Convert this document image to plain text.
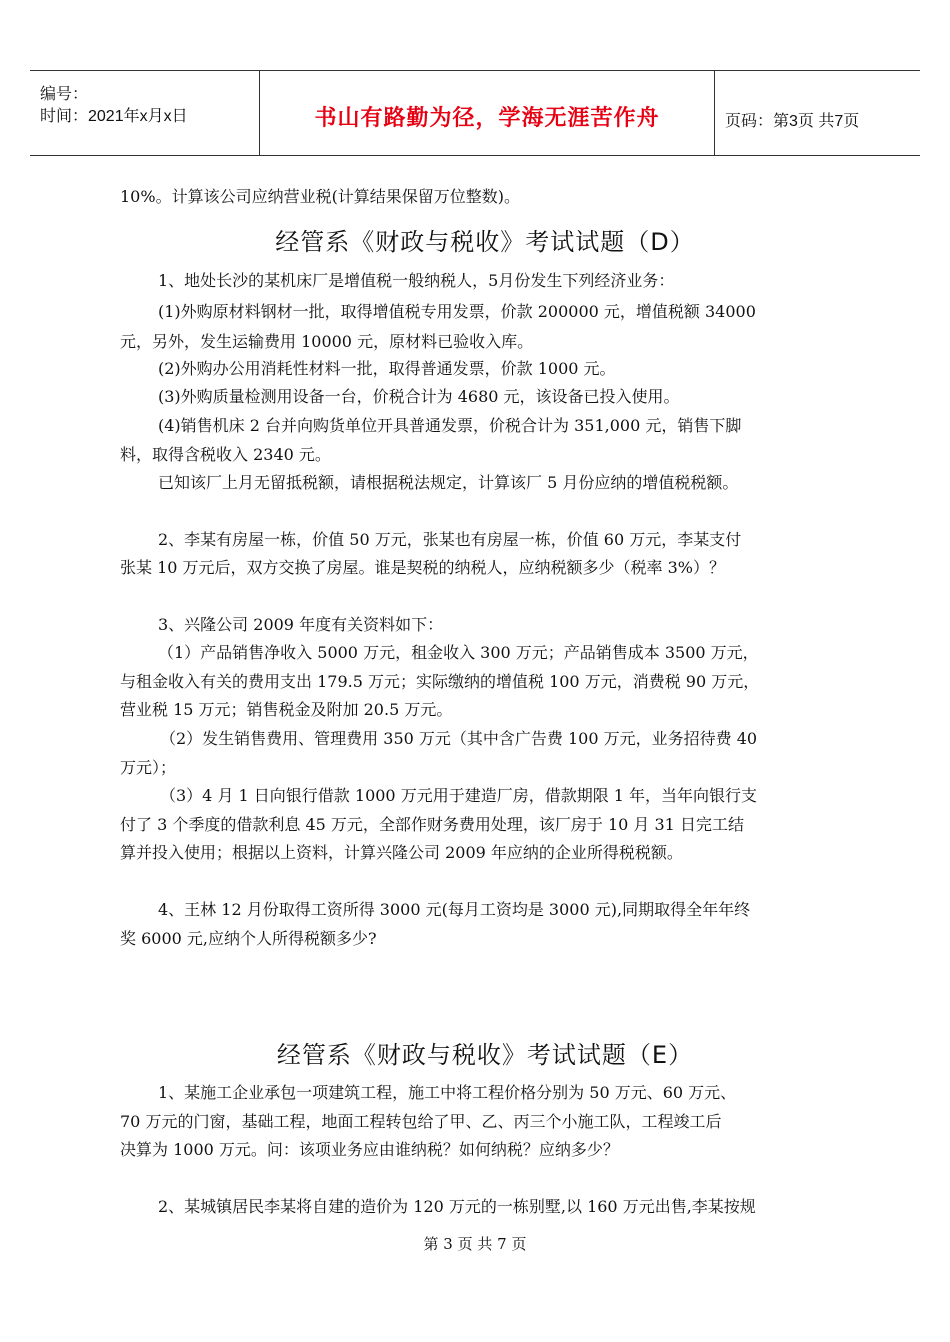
编号：
时间：2021年x月x日	书山有路勤为径，学海无涯苦作舟	页码：第3页 共7页
10%。计算该公司应纳营业税(计算结果保留万位整数)。
经管系《财政与税收》考试试题（D）
1、地处长沙的某机床厂是增值税一般纳税人，5月份发生下列经济业务：
(1)外购原材料钢材一批，取得增值税专用发票，价款 200000 元，增值税额 34000
元，另外，发生运输费用 10000 元，原材料已验收入库。
(2)外购办公用消耗性材料一批，取得普通发票，价款 1000 元。
(3)外购质量检测用设备一台，价税合计为 4680 元，该设备已投入使用。
(4)销售机床 2 台并向购货单位开具普通发票，价税合计为 351,000 元，销售下脚
料，取得含税收入 2340 元。
已知该厂上月无留抵税额，请根据税法规定，计算该厂 5 月份应纳的增值税税额。
2、李某有房屋一栋，价值 50 万元，张某也有房屋一栋，价值 60 万元，李某支付
张某 10 万元后，双方交换了房屋。谁是契税的纳税人，应纳税额多少（税率 3%）？
3、兴隆公司 2009 年度有关资料如下：
（1）产品销售净收入 5000 万元，租金收入 300 万元；产品销售成本 3500 万元，
与租金收入有关的费用支出 179.5 万元；实际缴纳的增值税 100 万元，消费税 90 万元，
营业税 15 万元；销售税金及附加 20.5 万元。
（2）发生销售费用、管理费用 350 万元（其中含广告费 100 万元，业务招待费 40
万元）；
（3）4 月 1 日向银行借款 1000 万元用于建造厂房，借款期限 1 年，当年向银行支
付了 3 个季度的借款利息 45 万元，全部作财务费用处理，该厂房于 10 月 31 日完工结
算并投入使用；根据以上资料，计算兴隆公司 2009 年应纳的企业所得税税额。
4、王林 12 月份取得工资所得 3000 元(每月工资均是 3000 元),同期取得全年年终
奖 6000 元,应纳个人所得税额多少?
经管系《财政与税收》考试试题（E）
1、某施工企业承包一项建筑工程，施工中将工程价格分别为 50 万元、60 万元、
70 万元的门窗，基础工程，地面工程转包给了甲、乙、丙三个小施工队，工程竣工后
决算为 1000 万元。问：该项业务应由谁纳税？如何纳税？应纳多少？
2、某城镇居民李某将自建的造价为 120 万元的一栋别墅,以 160 万元出售,李某按规
第 3 页 共 7 页
